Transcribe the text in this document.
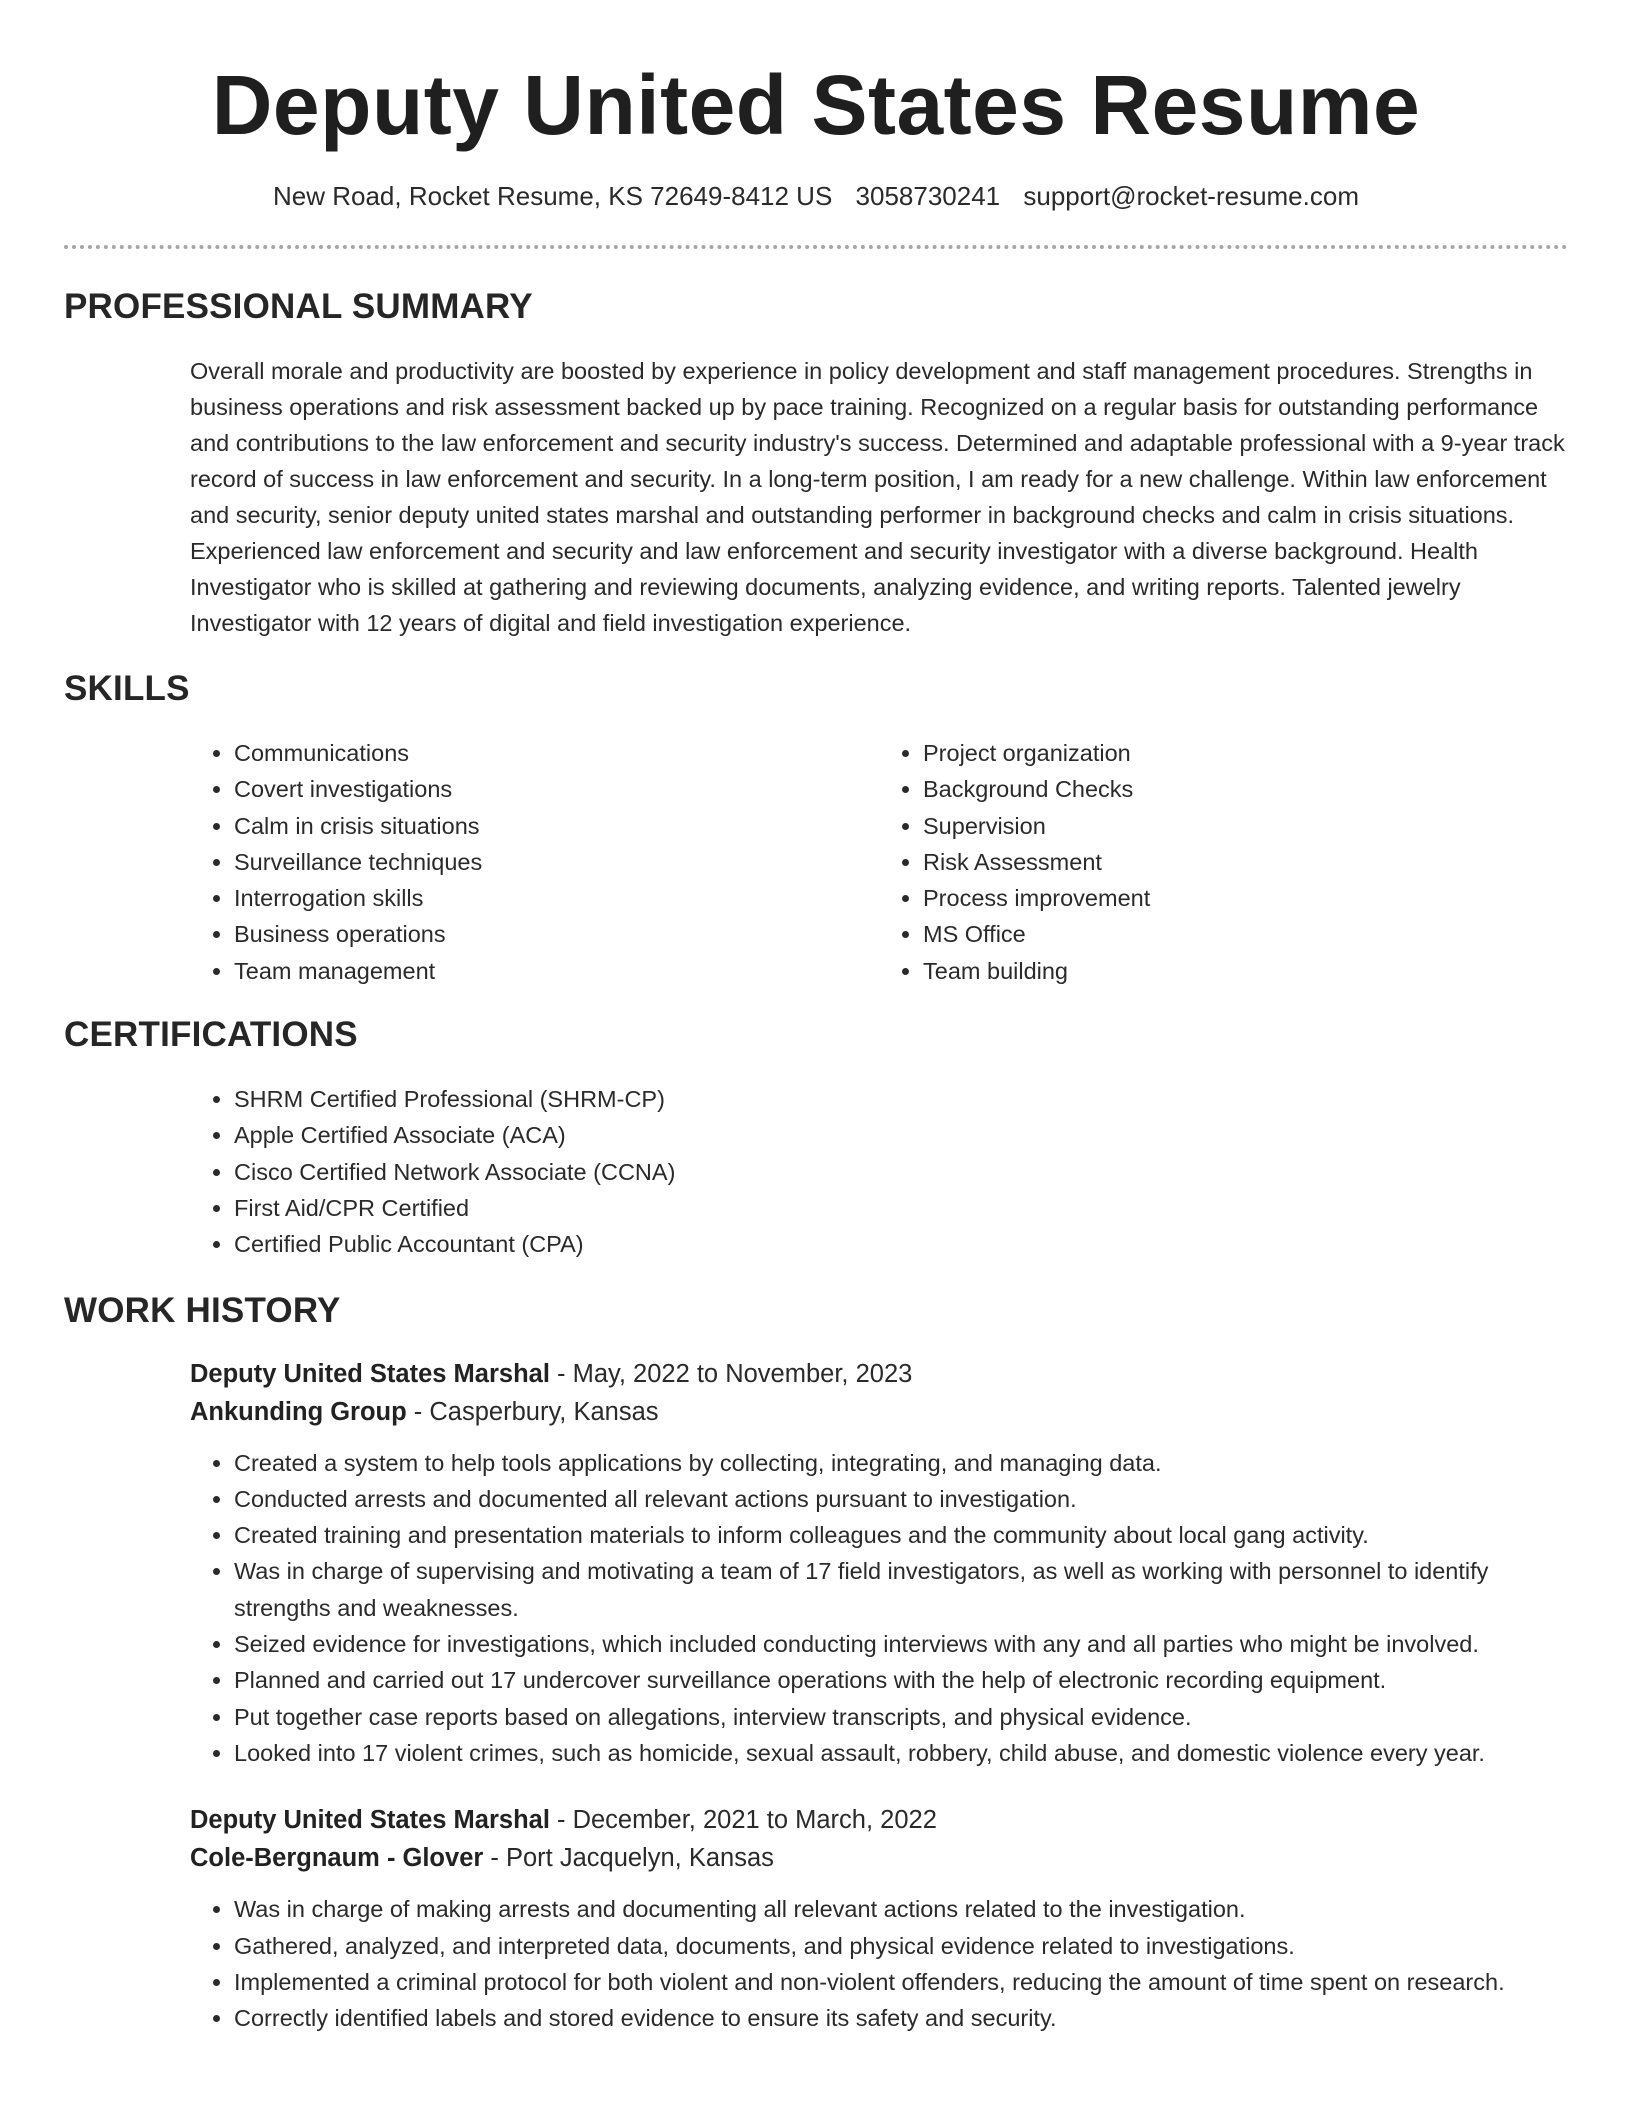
Deputy United States Resume
New Road, Rocket Resume, KS 72649-8412 US 3058730241 support@rocket-resume.com
PROFESSIONAL SUMMARY
Overall morale and productivity are boosted by experience in policy development and staff management procedures. Strengths in business operations and risk assessment backed up by pace training. Recognized on a regular basis for outstanding performance and contributions to the law enforcement and security industry's success. Determined and adaptable professional with a 9-year track record of success in law enforcement and security. In a long-term position, I am ready for a new challenge. Within law enforcement and security, senior deputy united states marshal and outstanding performer in background checks and calm in crisis situations. Experienced law enforcement and security and law enforcement and security investigator with a diverse background. Health Investigator who is skilled at gathering and reviewing documents, analyzing evidence, and writing reports. Talented jewelry Investigator with 12 years of digital and field investigation experience.
SKILLS
• Communications
• Covert investigations
• Calm in crisis situations
• Surveillance techniques
• Interrogation skills
• Business operations
• Team management
• Project organization
• Background Checks
• Supervision
• Risk Assessment
• Process improvement
• MS Office
• Team building
CERTIFICATIONS
• SHRM Certified Professional (SHRM-CP)
• Apple Certified Associate (ACA)
• Cisco Certified Network Associate (CCNA)
• First Aid/CPR Certified
• Certified Public Accountant (CPA)
WORK HISTORY
Deputy United States Marshal - May, 2022 to November, 2023
Ankunding Group - Casperbury, Kansas
• Created a system to help tools applications by collecting, integrating, and managing data.
• Conducted arrests and documented all relevant actions pursuant to investigation.
• Created training and presentation materials to inform colleagues and the community about local gang activity.
• Was in charge of supervising and motivating a team of 17 field investigators, as well as working with personnel to identify strengths and weaknesses.
• Seized evidence for investigations, which included conducting interviews with any and all parties who might be involved.
• Planned and carried out 17 undercover surveillance operations with the help of electronic recording equipment.
• Put together case reports based on allegations, interview transcripts, and physical evidence.
• Looked into 17 violent crimes, such as homicide, sexual assault, robbery, child abuse, and domestic violence every year.
Deputy United States Marshal - December, 2021 to March, 2022
Cole-Bergnaum - Glover - Port Jacquelyn, Kansas
• Was in charge of making arrests and documenting all relevant actions related to the investigation.
• Gathered, analyzed, and interpreted data, documents, and physical evidence related to investigations.
• Implemented a criminal protocol for both violent and non-violent offenders, reducing the amount of time spent on research.
• Correctly identified labels and stored evidence to ensure its safety and security.
